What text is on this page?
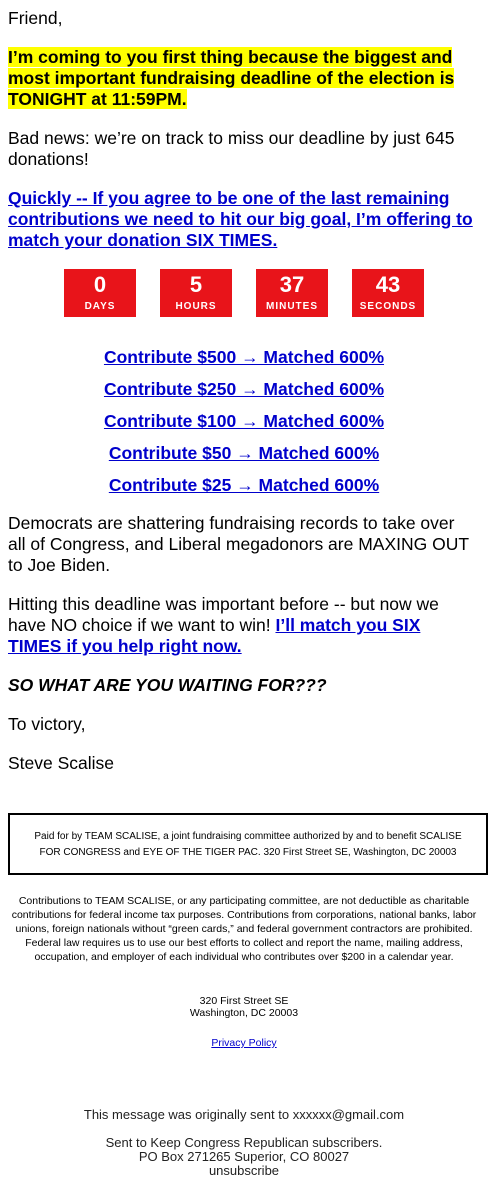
Friend,

I’m coming to you first thing because the biggest and most important fundraising deadline of the election is TONIGHT at 11:59PM.

Bad news: we’re on track to miss our deadline by just 645 donations!

Quickly -- If you agree to be one of the last remaining contributions we need to hit our big goal, I’m offering to match your donation SIX TIMES.

0
DAYS
5
HOURS
37
MINUTES
43
SECONDS
Contribute $500 → Matched 600%
Contribute $250 → Matched 600%
Contribute $100 → Matched 600%
Contribute $50 → Matched 600%
Contribute $25 → Matched 600%

Democrats are shattering fundraising records to take over all of Congress, and Liberal megadonors are MAXING OUT to Joe Biden.

Hitting this deadline was important before -- but now we have NO choice if we want to win! I’ll match you SIX TIMES if you help right now.

SO WHAT ARE YOU WAITING FOR???

To victory,

Steve Scalise

Paid for by TEAM SCALISE, a joint fundraising committee authorized by and to benefit SCALISE FOR CONGRESS and EYE OF THE TIGER PAC. 320 First Street SE, Washington, DC 20003
Contributions to TEAM SCALISE, or any participating committee, are not deductible as charitable contributions for federal income tax purposes. Contributions from corporations, national banks, labor unions, foreign nationals without “green cards,” and federal government contractors are prohibited. Federal law requires us to use our best efforts to collect and report the name, mailing address, occupation, and employer of each individual who contributes over $200 in a calendar year.
320 First Street SE
Washington, DC 20003
Privacy Policy
This message was originally sent to xxxxxx@gmail.com
Sent to Keep Congress Republican subscribers.
PO Box 271265 Superior, CO 80027
unsubscribe
